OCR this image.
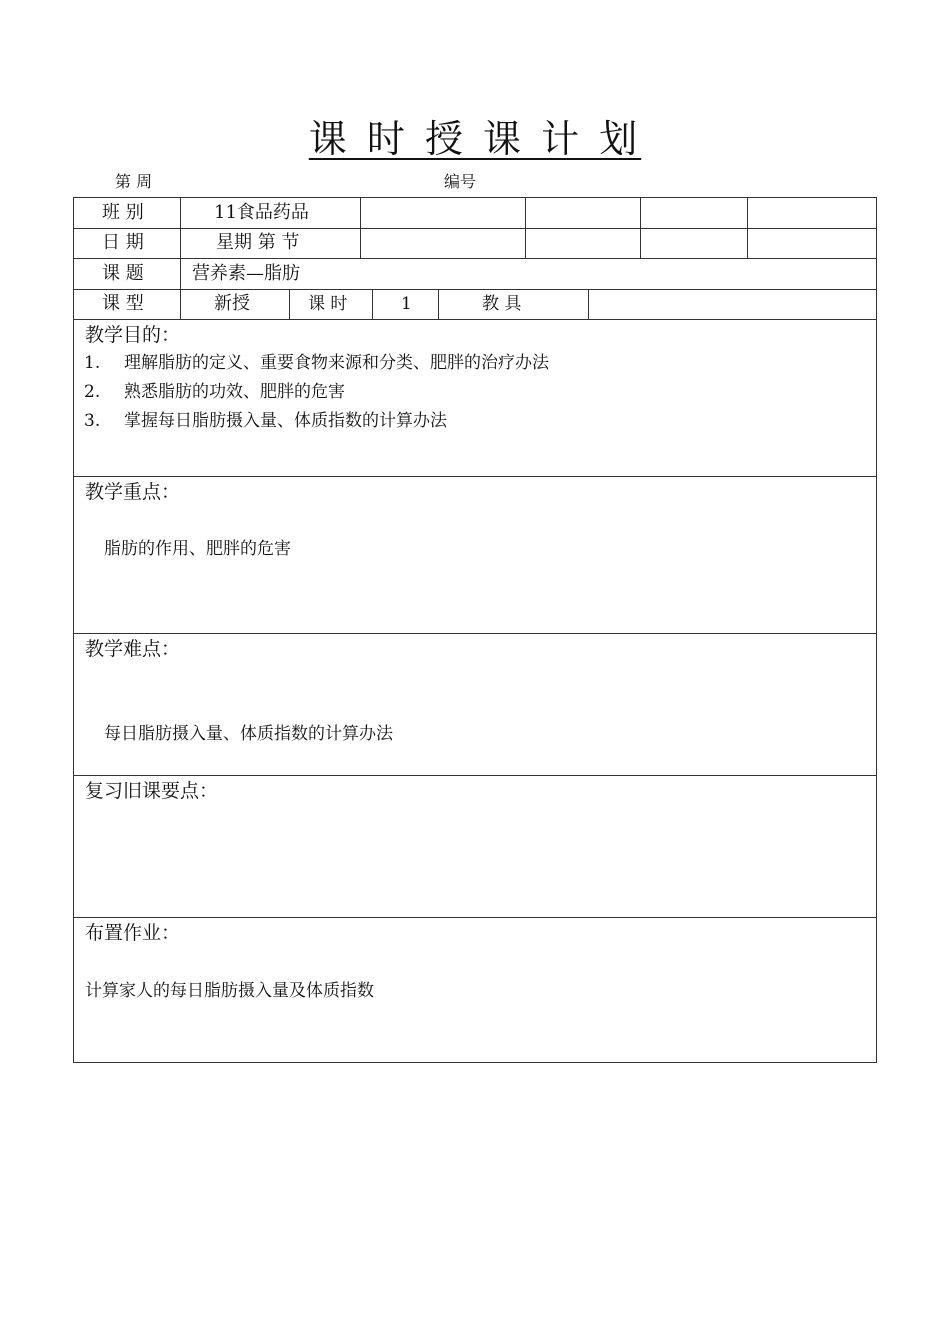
课 时 授 课 计 划
第 周	编号
班 别	11食品药品
日 期	星期 第 节
课 题	营养素—脂肪
课 型	新授	课 时	1	教 具
教学目的：
1. 理解脂肪的定义、重要食物来源和分类、肥胖的治疗办法
2. 熟悉脂肪的功效、肥胖的危害
3. 掌握每日脂肪摄入量、体质指数的计算办法
教学重点：
脂肪的作用、肥胖的危害
教学难点：
每日脂肪摄入量、体质指数的计算办法
复习旧课要点：
布置作业：
计算家人的每日脂肪摄入量及体质指数
